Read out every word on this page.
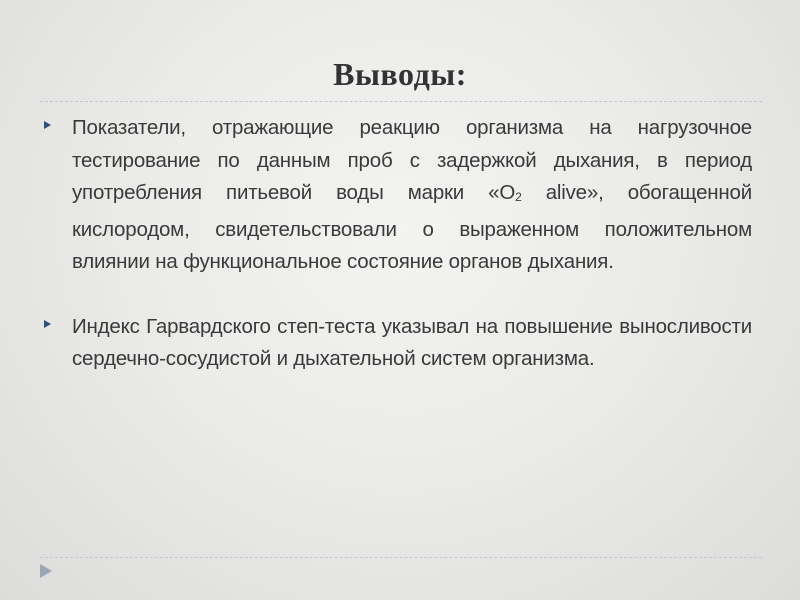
Выводы:
Показатели, отражающие реакцию организма на нагрузочное тестирование по данным проб с задержкой дыхания, в период употребления питьевой воды марки «$O_2$ alive», обогащенной кислородом, свидетельствовали о выраженном положительном влиянии на функциональное состояние органов дыхания.
Индекс Гарвардского степ-теста указывал на повышение выносливости сердечно-сосудистой и дыхательной систем организма.
